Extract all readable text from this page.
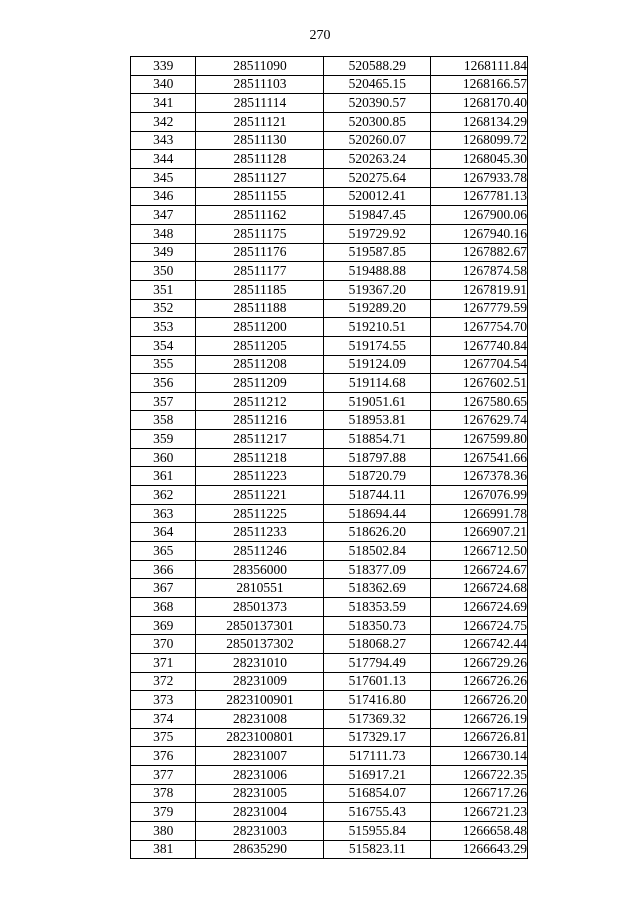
270
339	28511090	520588.29	1268111.84
340	28511103	520465.15	1268166.57
341	28511114	520390.57	1268170.40
342	28511121	520300.85	1268134.29
343	28511130	520260.07	1268099.72
344	28511128	520263.24	1268045.30
345	28511127	520275.64	1267933.78
346	28511155	520012.41	1267781.13
347	28511162	519847.45	1267900.06
348	28511175	519729.92	1267940.16
349	28511176	519587.85	1267882.67
350	28511177	519488.88	1267874.58
351	28511185	519367.20	1267819.91
352	28511188	519289.20	1267779.59
353	28511200	519210.51	1267754.70
354	28511205	519174.55	1267740.84
355	28511208	519124.09	1267704.54
356	28511209	519114.68	1267602.51
357	28511212	519051.61	1267580.65
358	28511216	518953.81	1267629.74
359	28511217	518854.71	1267599.80
360	28511218	518797.88	1267541.66
361	28511223	518720.79	1267378.36
362	28511221	518744.11	1267076.99
363	28511225	518694.44	1266991.78
364	28511233	518626.20	1266907.21
365	28511246	518502.84	1266712.50
366	28356000	518377.09	1266724.67
367	2810551	518362.69	1266724.68
368	28501373	518353.59	1266724.69
369	2850137301	518350.73	1266724.75
370	2850137302	518068.27	1266742.44
371	28231010	517794.49	1266729.26
372	28231009	517601.13	1266726.26
373	2823100901	517416.80	1266726.20
374	28231008	517369.32	1266726.19
375	2823100801	517329.17	1266726.81
376	28231007	517111.73	1266730.14
377	28231006	516917.21	1266722.35
378	28231005	516854.07	1266717.26
379	28231004	516755.43	1266721.23
380	28231003	515955.84	1266658.48
381	28635290	515823.11	1266643.29
